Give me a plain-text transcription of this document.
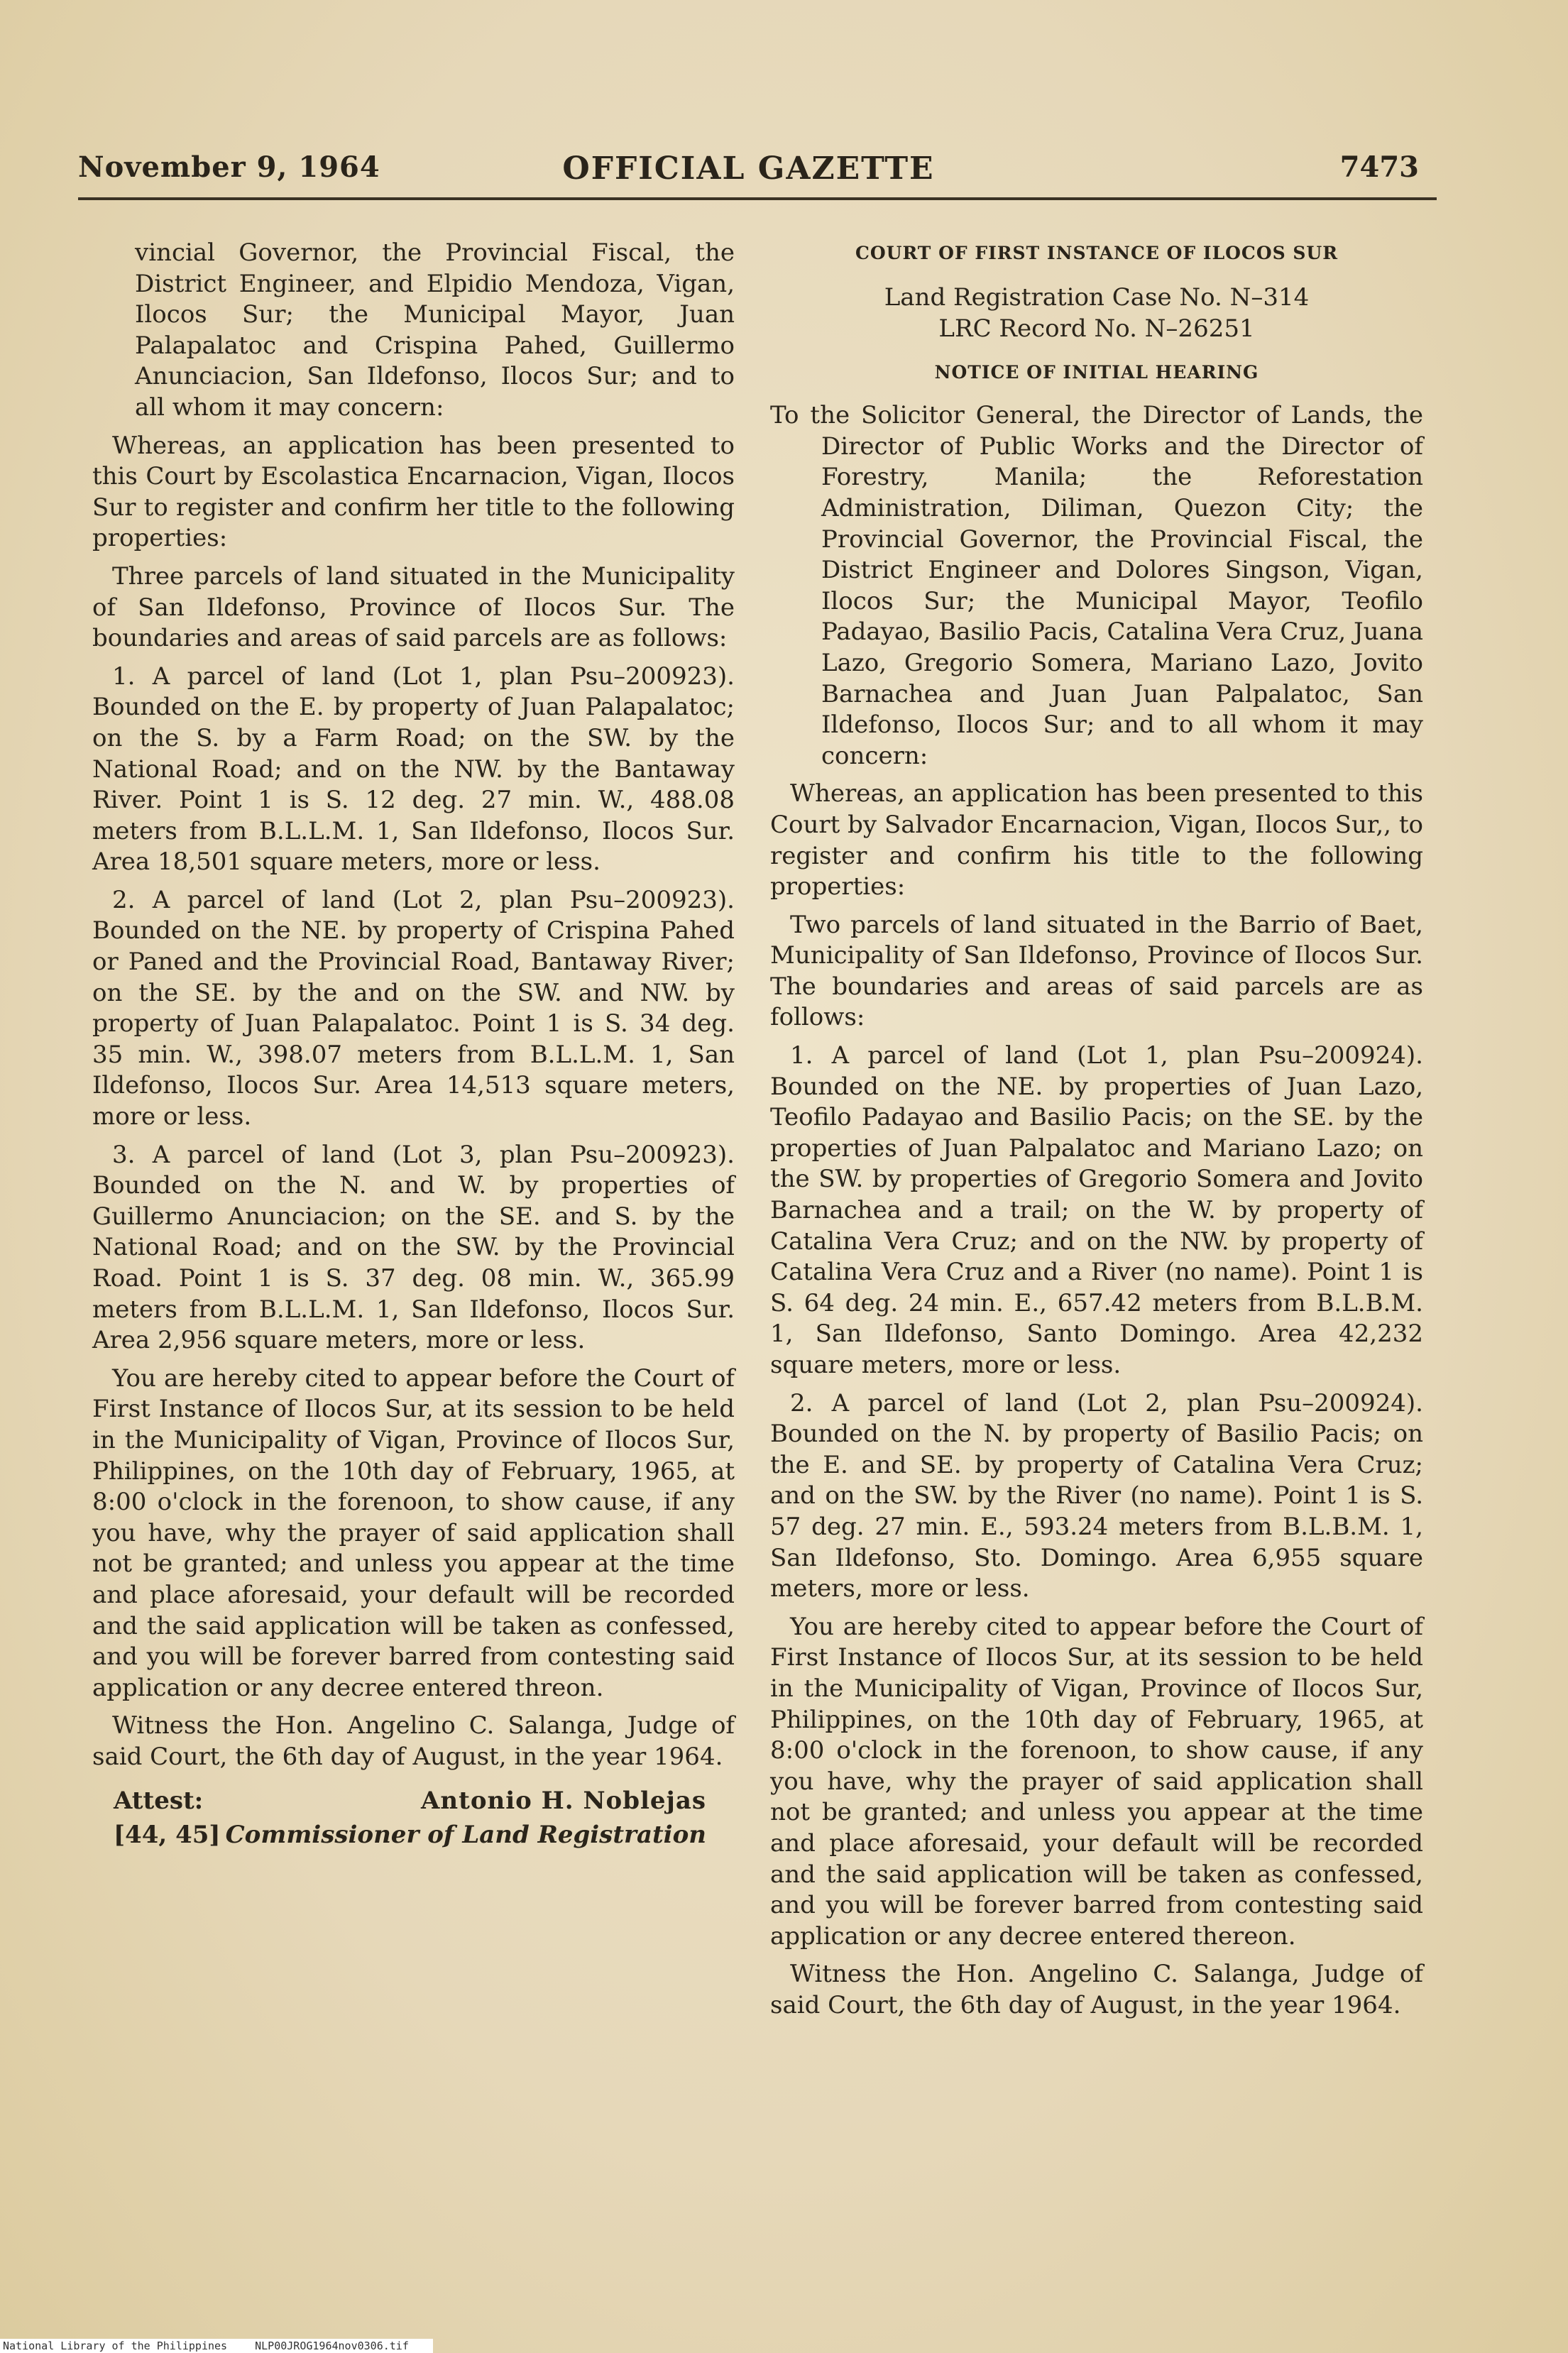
November 9, 1964	OFFICIAL GAZETTE	7473

vincial Governor, the Provincial Fiscal, the District Engineer, and Elpidio Mendoza, Vigan, Ilocos Sur; the Municipal Mayor, Juan Palapalatoc and Crispina Pahed, Guillermo Anunciacion, San Ildefonso, Ilocos Sur; and to all whom it may concern:

Whereas, an application has been presented to this Court by Escolastica Encarnacion, Vigan, Ilocos Sur to register and confirm her title to the following properties:

Three parcels of land situated in the Municipality of San Ildefonso, Province of Ilocos Sur. The boundaries and areas of said parcels are as follows:

1. A parcel of land (Lot 1, plan Psu–200923). Bounded on the E. by property of Juan Palapalatoc; on the S. by a Farm Road; on the SW. by the National Road; and on the NW. by the Bantaway River. Point 1 is S. 12 deg. 27 min. W., 488.08 meters from B.L.L.M. 1, San Ildefonso, Ilocos Sur. Area 18,501 square meters, more or less.

2. A parcel of land (Lot 2, plan Psu–200923). Bounded on the NE. by property of Crispina Pahed or Paned and the Provincial Road, Bantaway River; on the SE. by the and on the SW. and NW. by property of Juan Palapalatoc. Point 1 is S. 34 deg. 35 min. W., 398.07 meters from B.L.L.M. 1, San Ildefonso, Ilocos Sur. Area 14,513 square meters, more or less.

3. A parcel of land (Lot 3, plan Psu–200923). Bounded on the N. and W. by properties of Guillermo Anunciacion; on the SE. and S. by the National Road; and on the SW. by the Provincial Road. Point 1 is S. 37 deg. 08 min. W., 365.99 meters from B.L.L.M. 1, San Ildefonso, Ilocos Sur. Area 2,956 square meters, more or less.

You are hereby cited to appear before the Court of First Instance of Ilocos Sur, at its session to be held in the Municipality of Vigan, Province of Ilocos Sur, Philippines, on the 10th day of February, 1965, at 8:00 o'clock in the forenoon, to show cause, if any you have, why the prayer of said application shall not be granted; and unless you appear at the time and place aforesaid, your default will be recorded and the said application will be taken as confessed, and you will be forever barred from contesting said application or any decree entered threon.

Witness the Hon. Angelino C. Salanga, Judge of said Court, the 6th day of August, in the year 1964.

Attest:
[44, 45]
Antonio H. Noblejas
Commissioner of Land Registration
COURT OF FIRST INSTANCE OF ILOCOS SUR
Land Registration Case No. N–314
LRC Record No. N–26251
NOTICE OF INITIAL HEARING

To the Solicitor General, the Director of Lands, the Director of Public Works and the Director of Forestry, Manila; the Reforestation Administration, Diliman, Quezon City; the Provincial Governor, the Provincial Fiscal, the District Engineer and Dolores Singson, Vigan, Ilocos Sur; the Municipal Mayor, Teofilo Padayao, Basilio Pacis, Catalina Vera Cruz, Juana Lazo, Gregorio Somera, Mariano Lazo, Jovito Barnachea and Juan Juan Palpalatoc, San Ildefonso, Ilocos Sur; and to all whom it may concern:

Whereas, an application has been presented to this Court by Salvador Encarnacion, Vigan, Ilocos Sur,, to register and confirm his title to the following properties:

Two parcels of land situated in the Barrio of Baet, Municipality of San Ildefonso, Province of Ilocos Sur. The boundaries and areas of said parcels are as follows:

1. A parcel of land (Lot 1, plan Psu–200924). Bounded on the NE. by properties of Juan Lazo, Teofilo Padayao and Basilio Pacis; on the SE. by the properties of Juan Palpalatoc and Mariano Lazo; on the SW. by properties of Gregorio Somera and Jovito Barnachea and a trail; on the W. by property of Catalina Vera Cruz; and on the NW. by property of Catalina Vera Cruz and a River (no name). Point 1 is S. 64 deg. 24 min. E., 657.42 meters from B.L.B.M. 1, San Ildefonso, Santo Domingo. Area 42,232 square meters, more or less.

2. A parcel of land (Lot 2, plan Psu–200924). Bounded on the N. by property of Basilio Pacis; on the E. and SE. by property of Catalina Vera Cruz; and on the SW. by the River (no name). Point 1 is S. 57 deg. 27 min. E., 593.24 meters from B.L.B.M. 1, San Ildefonso, Sto. Domingo. Area 6,955 square meters, more or less.

You are hereby cited to appear before the Court of First Instance of Ilocos Sur, at its session to be held in the Municipality of Vigan, Province of Ilocos Sur, Philippines, on the 10th day of February, 1965, at 8:00 o'clock in the forenoon, to show cause, if any you have, why the prayer of said application shall not be granted; and unless you appear at the time and place aforesaid, your default will be recorded and the said application will be taken as confessed, and you will be forever barred from contesting said application or any decree entered thereon.

Witness the Hon. Angelino C. Salanga, Judge of said Court, the 6th day of August, in the year 1964.

National Library of the Philippines	NLP00JROG1964nov0306.tif
